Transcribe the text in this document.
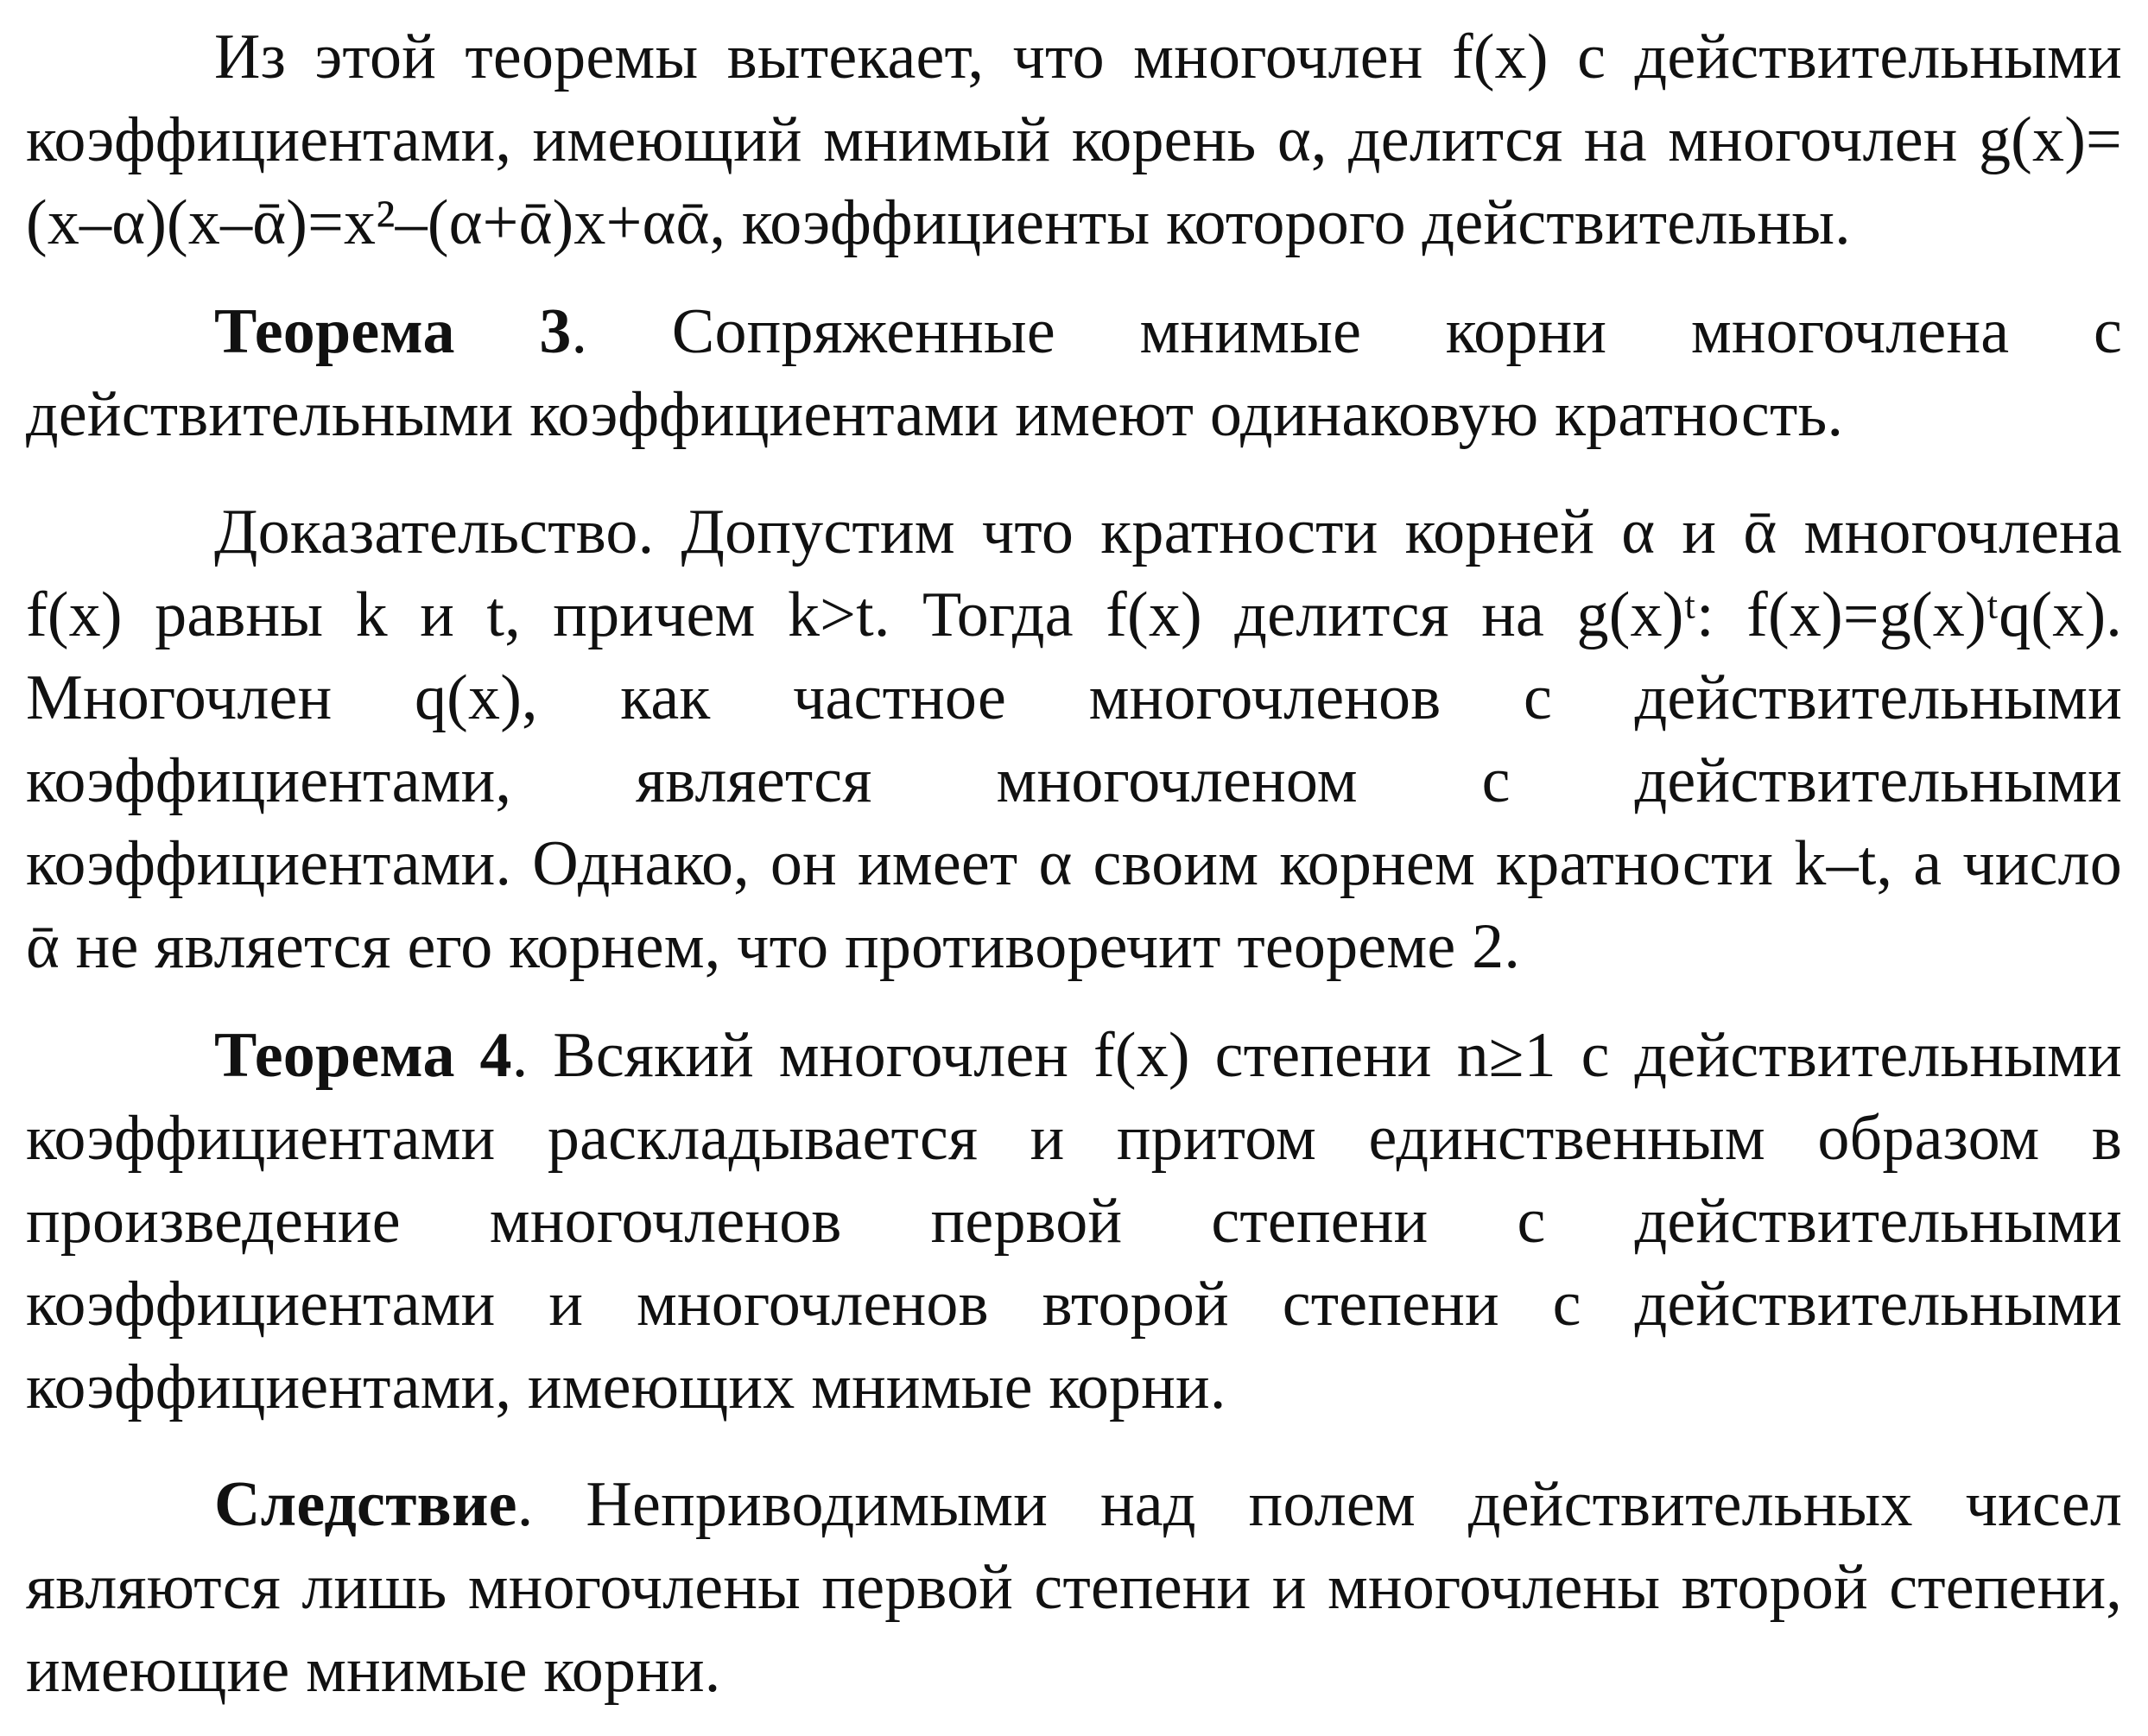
Из этой теоремы вытекает, что многочлен f(x) с действительными коэффициентами, имеющий мнимый корень α, делится на многочлен g(x)=(x–α)(x–ᾱ)=x²–(α+ᾱ)x+αᾱ, коэффициенты которого действительны.

Теорема 3. Сопряженные мнимые корни многочлена с действительными коэффициентами имеют одинаковую кратность.

Доказательство. Допустим что кратности корней α и ᾱ многочлена f(x) равны k и t, причем k>t. Тогда f(x) делится на g(x)ᵗ: f(x)=g(x)ᵗq(x). Многочлен q(x), как частное многочленов с действительными коэффициентами, является многочленом с действительными коэффициентами. Однако, он имеет α своим корнем кратности k–t, а число ᾱ не является его корнем, что противоречит теореме 2.

Теорема 4. Всякий многочлен f(x) степени n≥1 с действительными коэффициентами раскладывается и притом единственным образом в произведение многочленов первой степени с действительными коэффициентами и многочленов второй степени с действительными коэффициентами, имеющих мнимые корни.

Следствие. Неприводимыми над полем действительных чисел являются лишь многочлены первой степени и многочлены второй степени, имеющие мнимые корни.
